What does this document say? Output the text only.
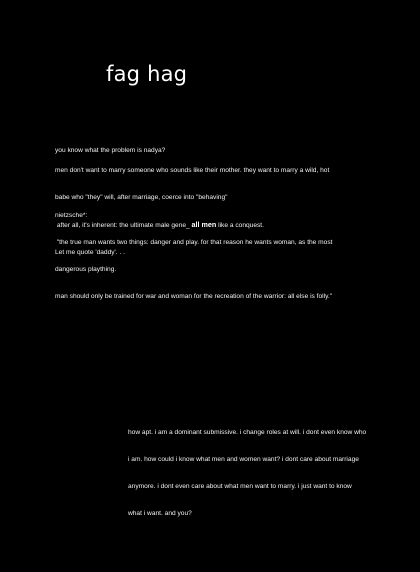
fag hag

you know what the problem is nadya?

men don't want to marry someone who sounds like their mother. they want to marry a wild, hot

babe who "they" will, after marriage, coerce into "behaving"

after all, it's inherent: the ultimate male gene_ all men like a conquest.

Let me quote 'daddy'. . .

nietzsche*:

"the true man wants two things: danger and play. for that reason he wants woman, as the most

dangerous plaything.

man should only be trained for war and woman for the recreation of the warrior: all else is folly."

how apt. i am a dominant submissive. i change roles at will. i dont even know who

i am. how could i know what men and women want? i dont care about marriage

anymore. i dont even care about what men want to marry. i just want to know

what i want. and you?
